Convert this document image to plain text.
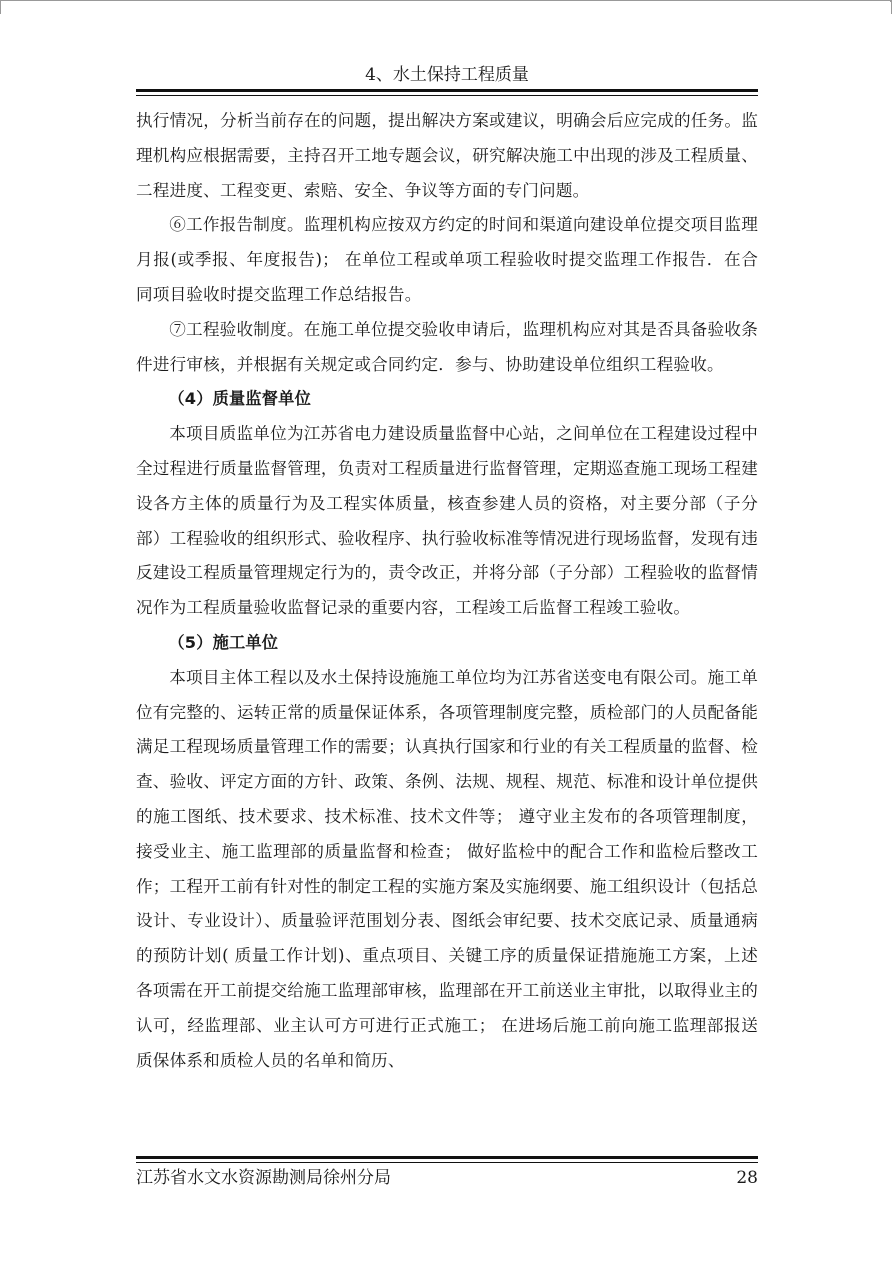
4、水土保持工程质量

执行情况，分析当前存在的问题，提出解决方案或建议，明确会后应完成的任务。监理机构应根据需要，主持召开工地专题会议，研究解决施工中出现的涉及工程质量、二程进度、工程变更、索赔、安全、争议等方面的专门问题。

⑥工作报告制度。监理机构应按双方约定的时间和渠道向建设单位提交项目监理月报(或季报、年度报告)； 在单位工程或单项工程验收时提交监理工作报告．在合同项目验收时提交监理工作总结报告。

⑦工程验收制度。在施工单位提交验收申请后，监理机构应对其是否具备验收条件进行审核，并根据有关规定或合同约定．参与、协助建设单位组织工程验收。

（4）质量监督单位

本项目质监单位为江苏省电力建设质量监督中心站，之间单位在工程建设过程中全过程进行质量监督管理，负责对工程质量进行监督管理，定期巡查施工现场工程建设各方主体的质量行为及工程实体质量，核查参建人员的资格，对主要分部（子分部）工程验收的组织形式、验收程序、执行验收标准等情况进行现场监督，发现有违反建设工程质量管理规定行为的，责令改正，并将分部（子分部）工程验收的监督情况作为工程质量验收监督记录的重要内容，工程竣工后监督工程竣工验收。

（5）施工单位

本项目主体工程以及水土保持设施施工单位均为江苏省送变电有限公司。施工单位有完整的、运转正常的质量保证体系，各项管理制度完整，质检部门的人员配备能满足工程现场质量管理工作的需要；认真执行国家和行业的有关工程质量的监督、检查、验收、评定方面的方针、政策、条例、法规、规程、规范、标准和设计单位提供的施工图纸、技术要求、技术标准、技术文件等； 遵守业主发布的各项管理制度，接受业主、施工监理部的质量监督和检查； 做好监检中的配合工作和监检后整改工作；工程开工前有针对性的制定工程的实施方案及实施纲要、施工组织设计（包括总设计、专业设计）、质量验评范围划分表、图纸会审纪要、技术交底记录、质量通病的预防计划( 质量工作计划)、重点项目、关键工序的质量保证措施施工方案，上述各项需在开工前提交给施工监理部审核，监理部在开工前送业主审批，以取得业主的认可，经监理部、业主认可方可进行正式施工； 在进场后施工前向施工监理部报送质保体系和质检人员的名单和简历、

江苏省水文水资源勘测局徐州分局	28
